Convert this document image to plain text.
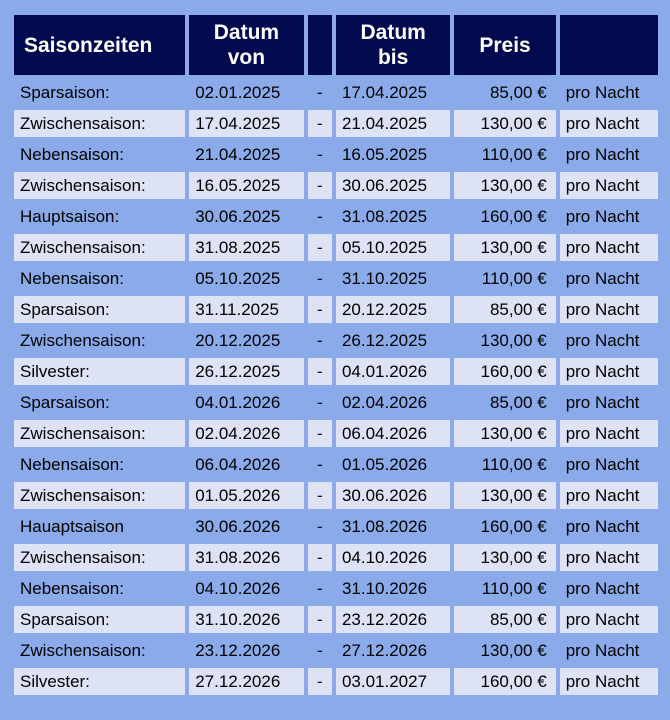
Saisonzeiten	Datum von		Datum bis	Preis	
Sparsaison:	02.01.2025	-	17.04.2025	85,00 €	pro Nacht
Zwischensaison:	17.04.2025	-	21.04.2025	130,00 €	pro Nacht
Nebensaison:	21.04.2025	-	16.05.2025	110,00 €	pro Nacht
Zwischensaison:	16.05.2025	-	30.06.2025	130,00 €	pro Nacht
Hauptsaison:	30.06.2025	-	31.08.2025	160,00 €	pro Nacht
Zwischensaison:	31.08.2025	-	05.10.2025	130,00 €	pro Nacht
Nebensaison:	05.10.2025	-	31.10.2025	110,00 €	pro Nacht
Sparsaison:	31.11.2025	-	20.12.2025	85,00 €	pro Nacht
Zwischensaison:	20.12.2025	-	26.12.2025	130,00 €	pro Nacht
Silvester:	26.12.2025	-	04.01.2026	160,00 €	pro Nacht
Sparsaison:	04.01.2026	-	02.04.2026	85,00 €	pro Nacht
Zwischensaison:	02.04.2026	-	06.04.2026	130,00 €	pro Nacht
Nebensaison:	06.04.2026	-	01.05.2026	110,00 €	pro Nacht
Zwischensaison:	01.05.2026	-	30.06.2026	130,00 €	pro Nacht
Hauaptsaison	30.06.2026	-	31.08.2026	160,00 €	pro Nacht
Zwischensaison:	31.08.2026	-	04.10.2026	130,00 €	pro Nacht
Nebensaison:	04.10.2026	-	31.10.2026	110,00 €	pro Nacht
Sparsaison:	31.10.2026	-	23.12.2026	85,00 €	pro Nacht
Zwischensaison:	23.12.2026	-	27.12.2026	130,00 €	pro Nacht
Silvester:	27.12.2026	-	03.01.2027	160,00 €	pro Nacht
